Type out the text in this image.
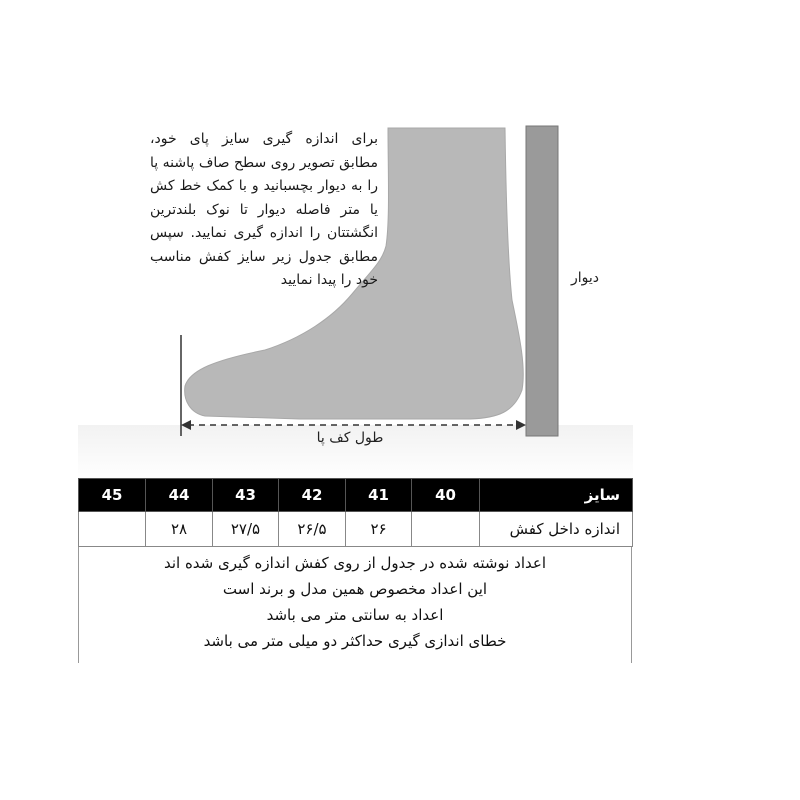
برای اندازه گیری سایز پای خود، مطابق تصویر روی سطح صاف پاشنه پا را به دیوار بچسبانید و با کمک خط کش یا متر فاصله دیوار تا نوک بلندترین انگشتتان را اندازه گیری نمایید. سپس مطابق جدول زیر سایز کفش مناسب خود را پیدا نمایید	دیوار
طول کف پا
45	44	43	42	41	40	سایز
	۲۸	۲۷/۵	۲۶/۵	۲۶		اندازه داخل کفش
اعداد نوشته شده در جدول از روی کفش اندازه گیری شده اند
این اعداد مخصوص همین مدل و برند است
اعداد به سانتی متر می باشد
خطای اندازی گیری حداکثر دو میلی متر می باشد
